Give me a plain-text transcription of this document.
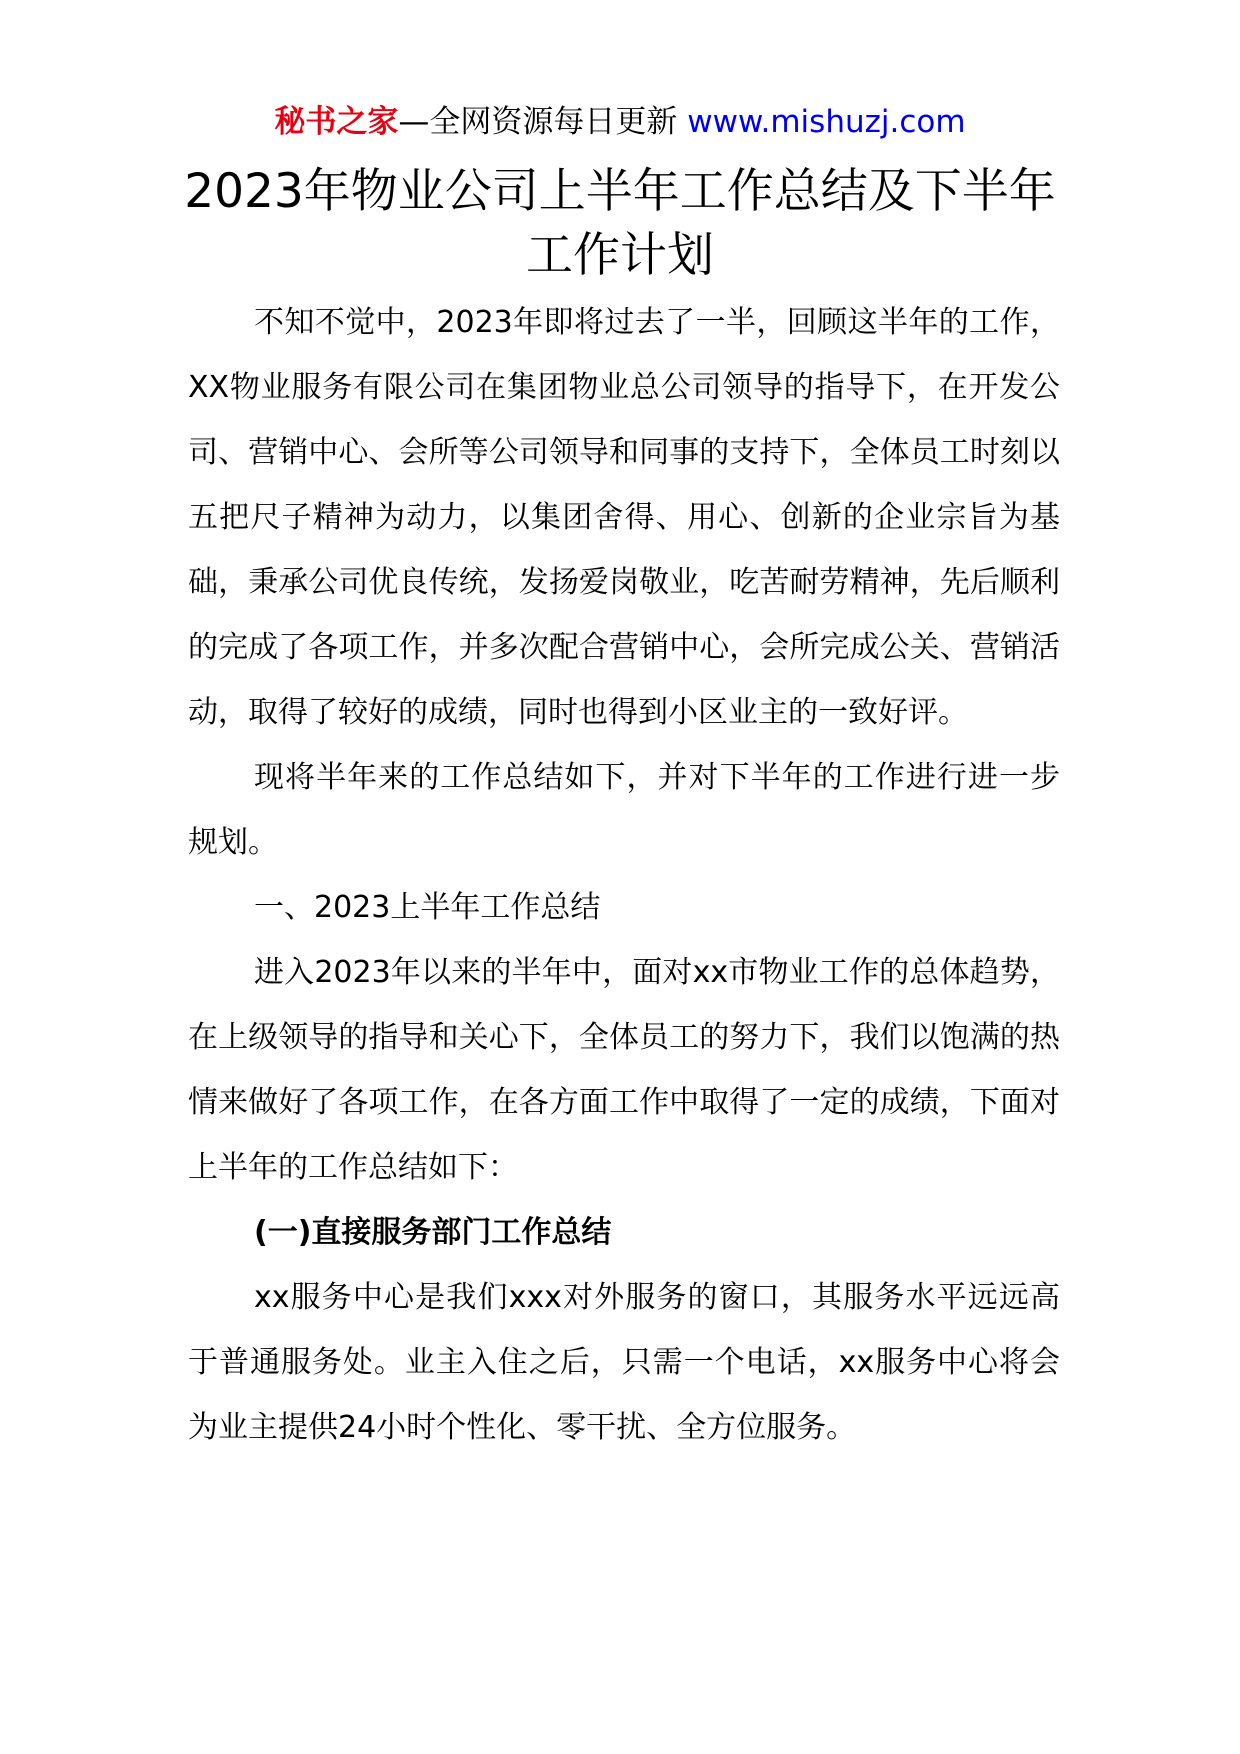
秘书之家—全网资源每日更新 www.mishuzj.com
2023年物业公司上半年工作总结及下半年
工作计划

不知不觉中，2023年即将过去了一半，回顾这半年的工作，XX物业服务有限公司在集团物业总公司领导的指导下，在开发公司、营销中心、会所等公司领导和同事的支持下，全体员工时刻以五把尺子精神为动力，以集团舍得、用心、创新的企业宗旨为基础，秉承公司优良传统，发扬爱岗敬业，吃苦耐劳精神，先后顺利的完成了各项工作，并多次配合营销中心，会所完成公关、营销活动，取得了较好的成绩，同时也得到小区业主的一致好评。

现将半年来的工作总结如下，并对下半年的工作进行进一步规划。

一、2023上半年工作总结

进入2023年以来的半年中，面对xx市物业工作的总体趋势，在上级领导的指导和关心下，全体员工的努力下，我们以饱满的热情来做好了各项工作，在各方面工作中取得了一定的成绩，下面对上半年的工作总结如下：

(一)直接服务部门工作总结

xx服务中心是我们xxx对外服务的窗口，其服务水平远远高于普通服务处。业主入住之后，只需一个电话，xx服务中心将会为业主提供24小时个性化、零干扰、全方位服务。
